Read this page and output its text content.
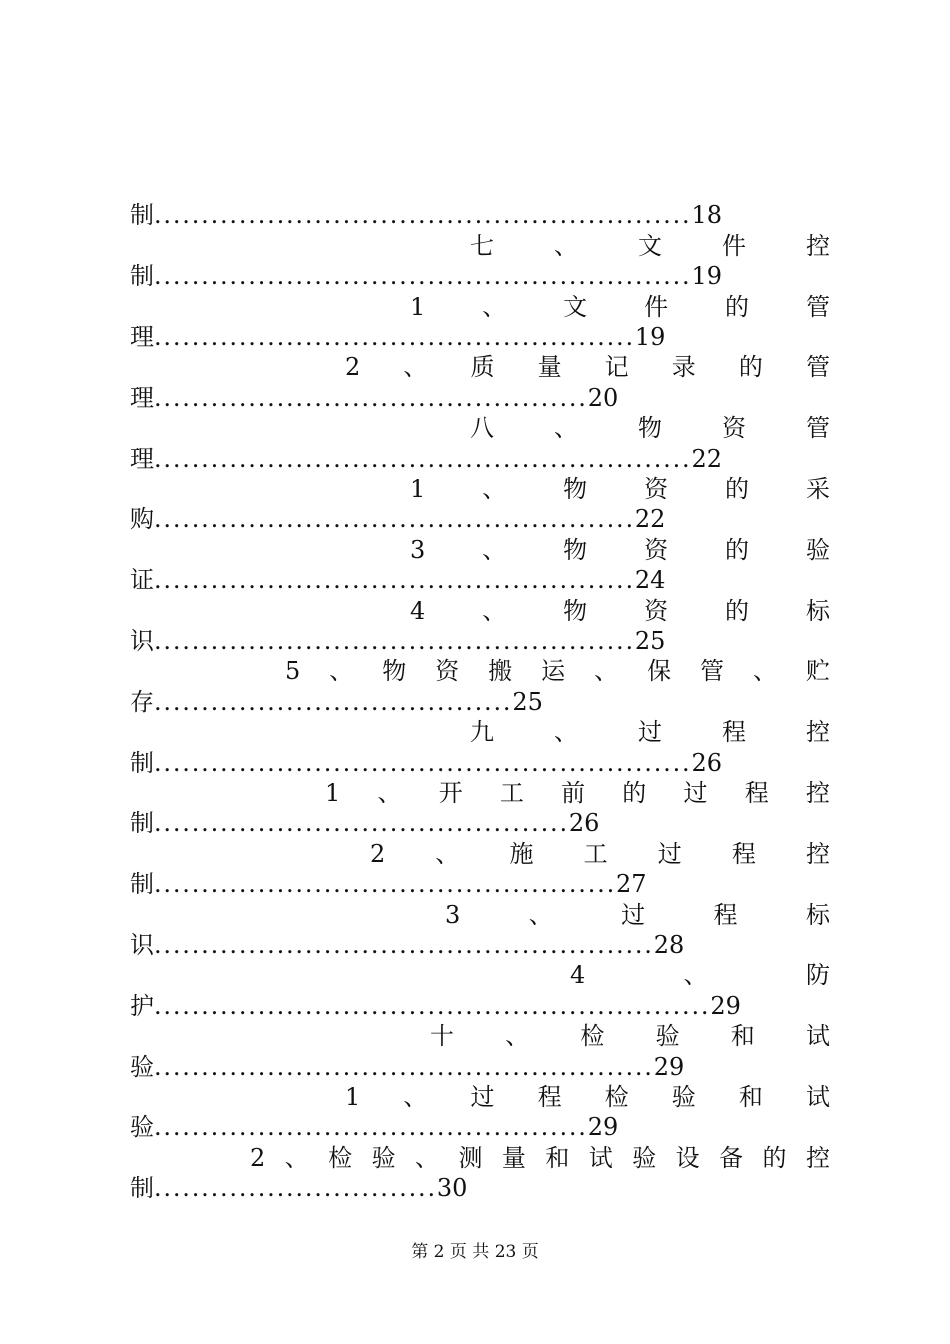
制.........................................................18
七	、	文	件	控
制.........................................................19
1 、 文 件 的 管
理...................................................19
2 、 质 量 记 录 的 管
理..............................................20
八	、	物	资	管
理.........................................................22
1 、 物 资 的 采
购...................................................22
3 、 物 资 的 验
证...................................................24
4 、 物 资 的 标
识...................................................25
5 、 物 资 搬 运 、 保 管 、 贮
存......................................25
九	、	过	程	控
制.........................................................26
1 、 开 工 前 的 过 程 控
制............................................26
2 、 施 工 过 程 控
制.................................................27
3	、	过	程	标
识.....................................................28
4	、	防
护...........................................................29
十 、 检 验 和 试
验.....................................................29
1 、 过 程 检 验 和 试
验..............................................29
2 、 检 验 、 测 量 和 试 验 设 备 的 控
制..............................30
第 2 页 共 23 页
